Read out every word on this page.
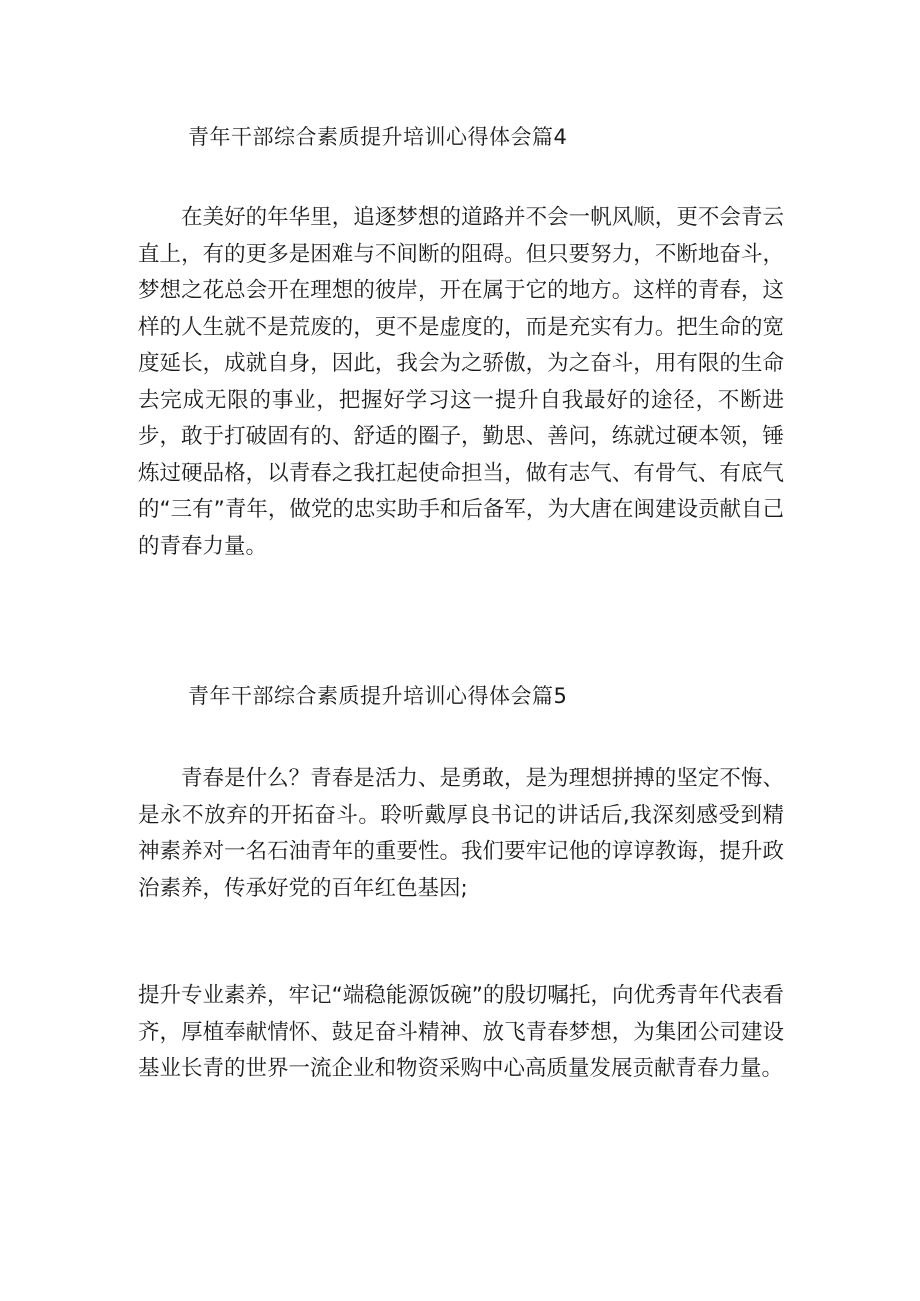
青年干部综合素质提升培训心得体会篇4

在美好的年华里，追逐梦想的道路并不会一帆风顺，更不会青云直上，有的更多是困难与不间断的阻碍。但只要努力，不断地奋斗，梦想之花总会开在理想的彼岸，开在属于它的地方。这样的青春，这样的人生就不是荒废的，更不是虚度的，而是充实有力。把生命的宽度延长，成就自身，因此，我会为之骄傲，为之奋斗，用有限的生命去完成无限的事业，把握好学习这一提升自我最好的途径，不断进步，敢于打破固有的、舒适的圈子，勤思、善问，练就过硬本领，锤炼过硬品格，以青春之我扛起使命担当，做有志气、有骨气、有底气的“三有”青年，做党的忠实助手和后备军，为大唐在闽建设贡献自己的青春力量。

青年干部综合素质提升培训心得体会篇5

青春是什么？青春是活力、是勇敢，是为理想拼搏的坚定不悔、是永不放弃的开拓奋斗。聆听戴厚良书记的讲话后,我深刻感受到精神素养对一名石油青年的重要性。我们要牢记他的谆谆教诲，提升政治素养，传承好党的百年红色基因;

提升专业素养，牢记“端稳能源饭碗”的殷切嘱托，向优秀青年代表看齐，厚植奉献情怀、鼓足奋斗精神、放飞青春梦想，为集团公司建设基业长青的世界一流企业和物资采购中心高质量发展贡献青春力量。
